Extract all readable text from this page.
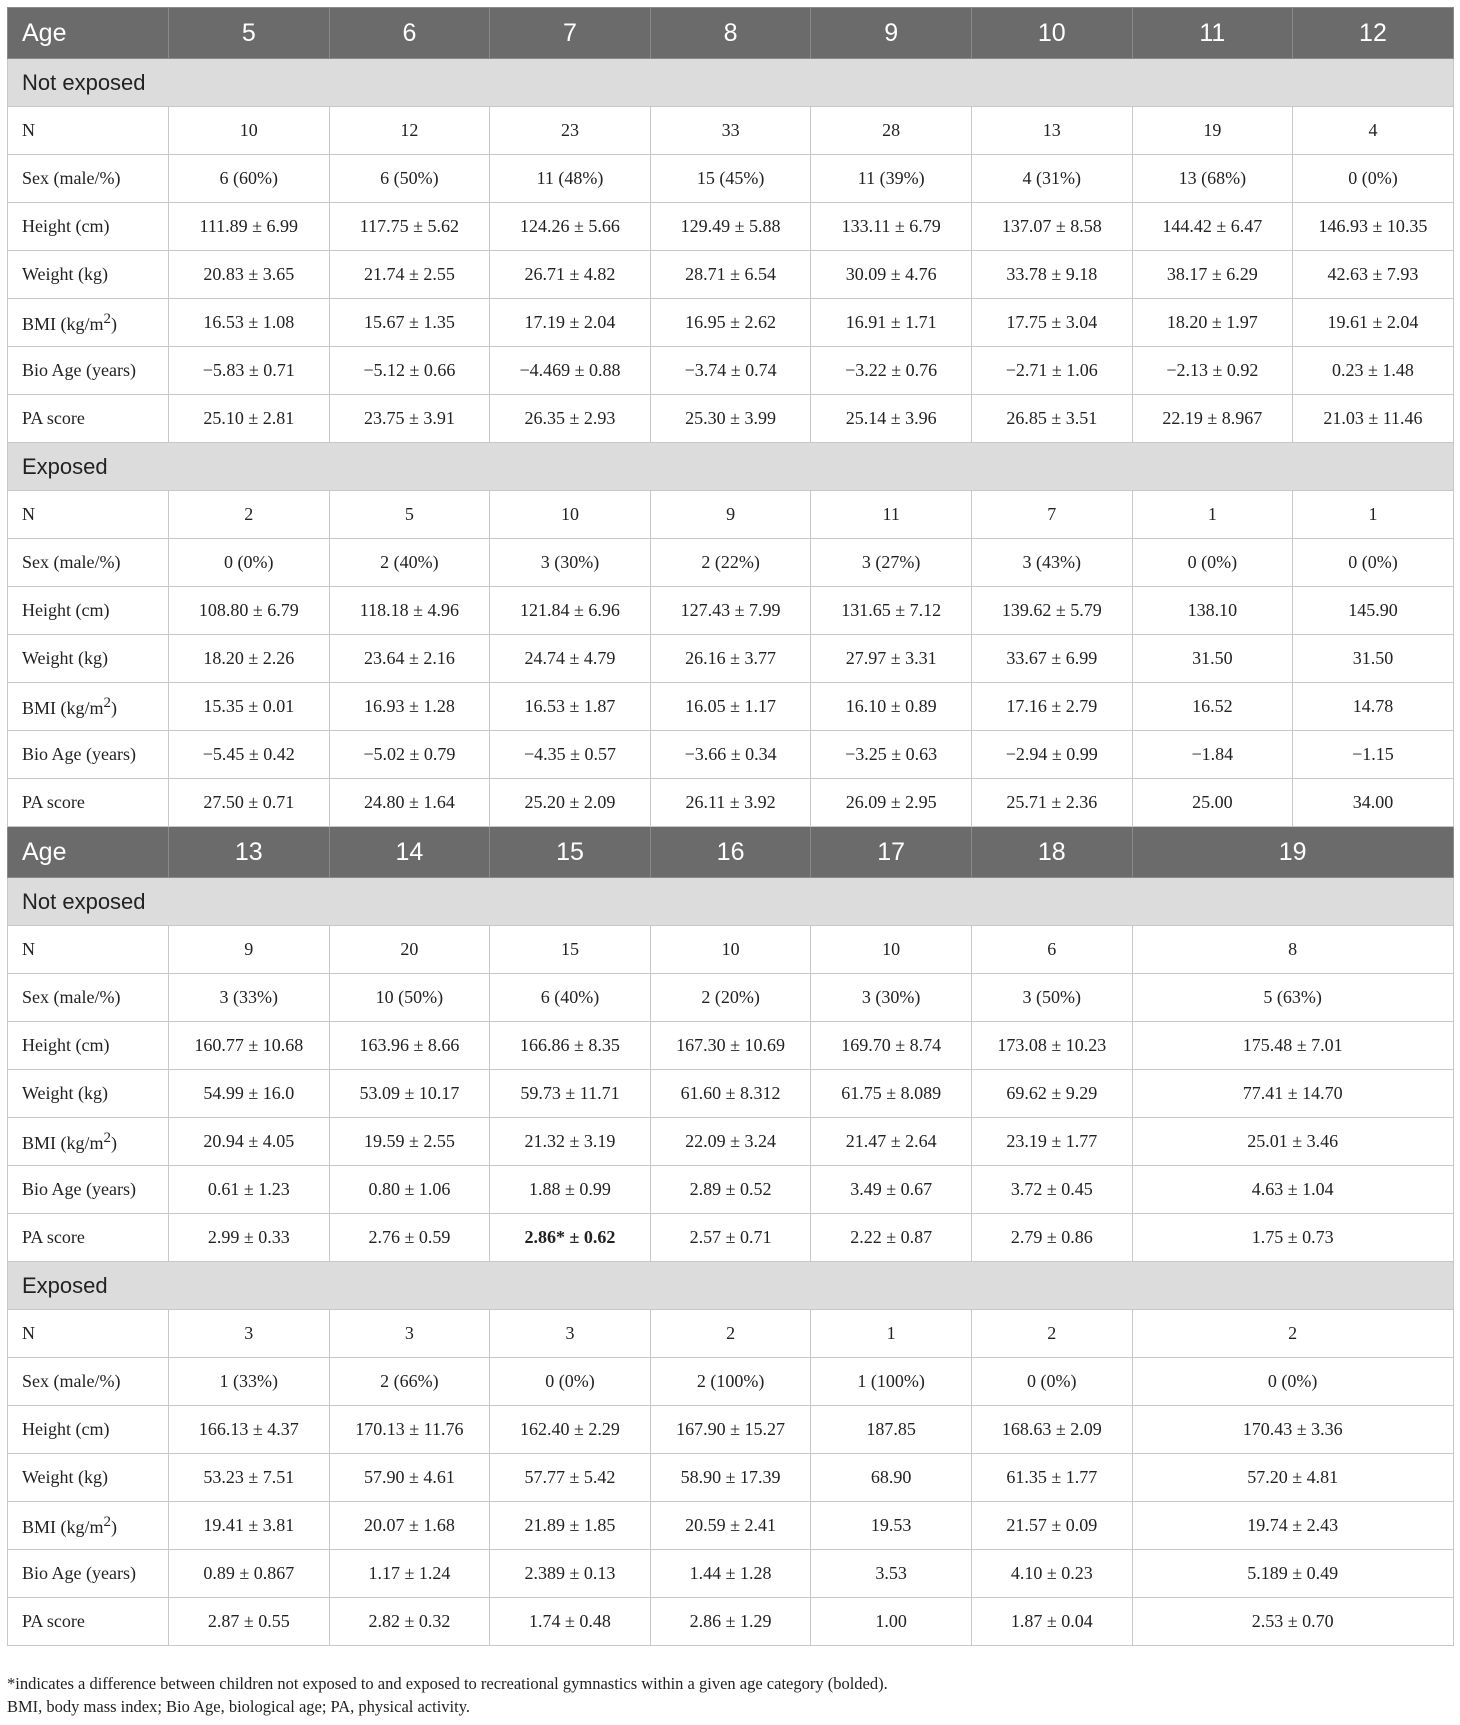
Age	5	6	7	8	9	10	11	12
Not exposed								
N	10	12	23	33	28	13	19	4
Sex (male/%)	6 (60%)	6 (50%)	11 (48%)	15 (45%)	11 (39%)	4 (31%)	13 (68%)	0 (0%)
Height (cm)	111.89 ± 6.99	117.75 ± 5.62	124.26 ± 5.66	129.49 ± 5.88	133.11 ± 6.79	137.07 ± 8.58	144.42 ± 6.47	146.93 ± 10.35
Weight (kg)	20.83 ± 3.65	21.74 ± 2.55	26.71 ± 4.82	28.71 ± 6.54	30.09 ± 4.76	33.78 ± 9.18	38.17 ± 6.29	42.63 ± 7.93
BMI $(kg/m^2)$	16.53 ± 1.08	15.67 ± 1.35	17.19 ± 2.04	16.95 ± 2.62	16.91 ± 1.71	17.75 ± 3.04	18.20 ± 1.97	19.61 ± 2.04
Bio Age (years)	−5.83 ± 0.71	−5.12 ± 0.66	−4.469 ± 0.88	−3.74 ± 0.74	−3.22 ± 0.76	−2.71 ± 1.06	−2.13 ± 0.92	0.23 ± 1.48
PA score	25.10 ± 2.81	23.75 ± 3.91	26.35 ± 2.93	25.30 ± 3.99	25.14 ± 3.96	26.85 ± 3.51	22.19 ± 8.967	21.03 ± 11.46
Exposed								
N	2	5	10	9	11	7	1	1
Sex (male/%)	0 (0%)	2 (40%)	3 (30%)	2 (22%)	3 (27%)	3 (43%)	0 (0%)	0 (0%)
Height (cm)	108.80 ± 6.79	118.18 ± 4.96	121.84 ± 6.96	127.43 ± 7.99	131.65 ± 7.12	139.62 ± 5.79	138.10	145.90
Weight (kg)	18.20 ± 2.26	23.64 ± 2.16	24.74 ± 4.79	26.16 ± 3.77	27.97 ± 3.31	33.67 ± 6.99	31.50	31.50
BMI $(kg/m^2)$	15.35 ± 0.01	16.93 ± 1.28	16.53 ± 1.87	16.05 ± 1.17	16.10 ± 0.89	17.16 ± 2.79	16.52	14.78
Bio Age (years)	−5.45 ± 0.42	−5.02 ± 0.79	−4.35 ± 0.57	−3.66 ± 0.34	−3.25 ± 0.63	−2.94 ± 0.99	−1.84	−1.15
PA score	27.50 ± 0.71	24.80 ± 1.64	25.20 ± 2.09	26.11 ± 3.92	26.09 ± 2.95	25.71 ± 2.36	25.00	34.00
Age	13	14	15	16	17	18	19	
Not exposed								
N	9	20	15	10	10	6	8	
Sex (male/%)	3 (33%)	10 (50%)	6 (40%)	2 (20%)	3 (30%)	3 (50%)	5 (63%)	
Height (cm)	160.77 ± 10.68	163.96 ± 8.66	166.86 ± 8.35	167.30 ± 10.69	169.70 ± 8.74	173.08 ± 10.23	175.48 ± 7.01	
Weight (kg)	54.99 ± 16.0	53.09 ± 10.17	59.73 ± 11.71	61.60 ± 8.312	61.75 ± 8.089	69.62 ± 9.29	77.41 ± 14.70	
BMI $(kg/m^2)$	20.94 ± 4.05	19.59 ± 2.55	21.32 ± 3.19	22.09 ± 3.24	21.47 ± 2.64	23.19 ± 1.77	25.01 ± 3.46	
Bio Age (years)	0.61 ± 1.23	0.80 ± 1.06	1.88 ± 0.99	2.89 ± 0.52	3.49 ± 0.67	3.72 ± 0.45	4.63 ± 1.04	
PA score	2.99 ± 0.33	2.76 ± 0.59	2.86* ± 0.62	2.57 ± 0.71	2.22 ± 0.87	2.79 ± 0.86	1.75 ± 0.73	
Exposed								
N	3	3	3	2	1	2	2	
Sex (male/%)	1 (33%)	2 (66%)	0 (0%)	2 (100%)	1 (100%)	0 (0%)	0 (0%)	
Height (cm)	166.13 ± 4.37	170.13 ± 11.76	162.40 ± 2.29	167.90 ± 15.27	187.85	168.63 ± 2.09	170.43 ± 3.36	
Weight (kg)	53.23 ± 7.51	57.90 ± 4.61	57.77 ± 5.42	58.90 ± 17.39	68.90	61.35 ± 1.77	57.20 ± 4.81	
BMI $(kg/m^2)$	19.41 ± 3.81	20.07 ± 1.68	21.89 ± 1.85	20.59 ± 2.41	19.53	21.57 ± 0.09	19.74 ± 2.43	
Bio Age (years)	0.89 ± 0.867	1.17 ± 1.24	2.389 ± 0.13	1.44 ± 1.28	3.53	4.10 ± 0.23	5.189 ± 0.49	
PA score	2.87 ± 0.55	2.82 ± 0.32	1.74 ± 0.48	2.86 ± 1.29	1.00	1.87 ± 0.04	2.53 ± 0.70	
*indicates a difference between children not exposed to and exposed to recreational gymnastics within a given age category (bolded).
BMI, body mass index; Bio Age, biological age; PA, physical activity.
